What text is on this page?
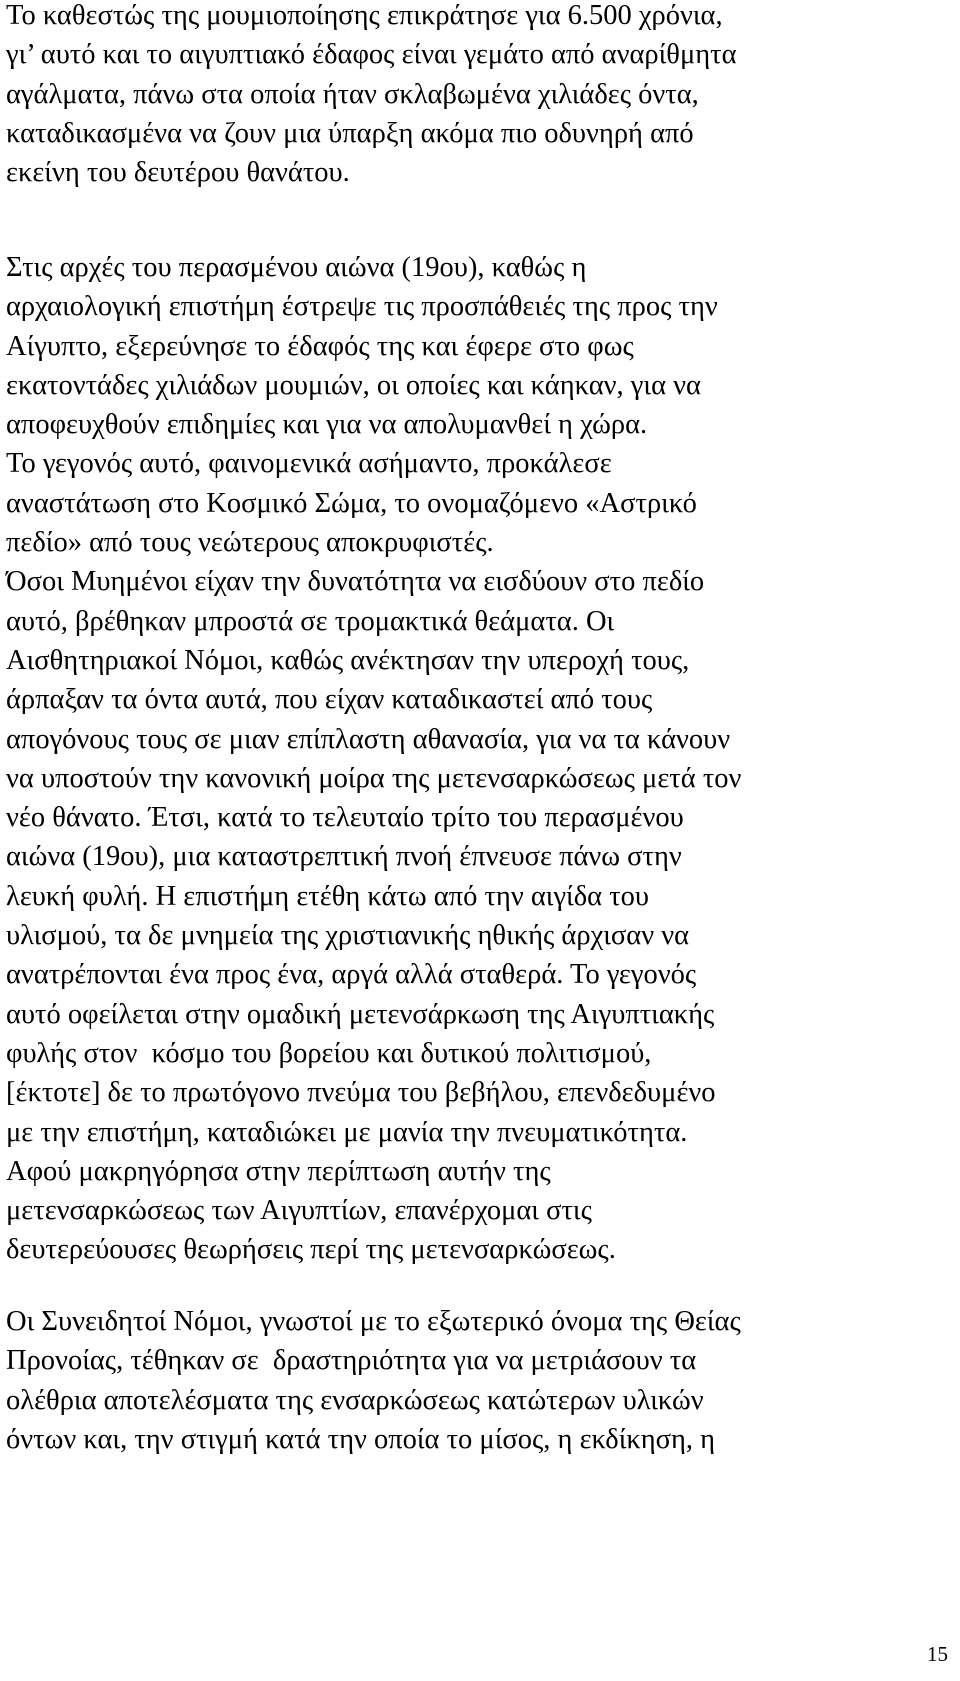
Το καθεστώς της μουμιοποίησης επικράτησε για 6.500 χρόνια,
γι’ αυτό και το αιγυπτιακό έδαφος είναι γεμάτο από αναρίθμητα
αγάλματα, πάνω στα οποία ήταν σκλαβωμένα χιλιάδες όντα,
καταδικασμένα να ζουν μια ύπαρξη ακόμα πιο οδυνηρή από
εκείνη του δευτέρου θανάτου.
Στις αρχές του περασμένου αιώνα (19ου), καθώς η
αρχαιολογική επιστήμη έστρεψε τις προσπάθειές της προς την
Αίγυπτο, εξερεύνησε το έδαφός της και έφερε στο φως
εκατοντάδες χιλιάδων μουμιών, οι οποίες και κάηκαν, για να
αποφευχθούν επιδημίες και για να απολυμανθεί η χώρα.
Το γεγονός αυτό, φαινομενικά ασήμαντο, προκάλεσε
αναστάτωση στο Κοσμικό Σώμα, το ονομαζόμενο «Αστρικό
πεδίο» από τους νεώτερους αποκρυφιστές.
Όσοι Μυημένοι είχαν την δυνατότητα να εισδύουν στο πεδίο
αυτό, βρέθηκαν μπροστά σε τρομακτικά θεάματα. Οι
Αισθητηριακοί Νόμοι, καθώς ανέκτησαν την υπεροχή τους,
άρπαξαν τα όντα αυτά, που είχαν καταδικαστεί από τους
απογόνους τους σε μιαν επίπλαστη αθανασία, για να τα κάνουν
να υποστούν την κανονική μοίρα της μετενσαρκώσεως μετά τον
νέο θάνατο. Έτσι, κατά το τελευταίο τρίτο του περασμένου
αιώνα (19ου), μια καταστρεπτική πνοή έπνευσε πάνω στην
λευκή φυλή. Η επιστήμη ετέθη κάτω από την αιγίδα του
υλισμού, τα δε μνημεία της χριστιανικής ηθικής άρχισαν να
ανατρέπονται ένα προς ένα, αργά αλλά σταθερά. Το γεγονός
αυτό οφείλεται στην ομαδική μετενσάρκωση της Αιγυπτιακής
φυλής στον  κόσμο του βορείου και δυτικού πολιτισμού,
[έκτοτε] δε το πρωτόγονο πνεύμα του βεβήλου, επενδεδυμένο
με την επιστήμη, καταδιώκει με μανία την πνευματικότητα.
Αφού μακρηγόρησα στην περίπτωση αυτήν της
μετενσαρκώσεως των Αιγυπτίων, επανέρχομαι στις
δευτερεύουσες θεωρήσεις περί της μετενσαρκώσεως.
Οι Συνειδητοί Νόμοι, γνωστοί με το εξωτερικό όνομα της Θείας
Προνοίας, τέθηκαν σε  δραστηριότητα για να μετριάσουν τα
ολέθρια αποτελέσματα της ενσαρκώσεως κατώτερων υλικών
όντων και, την στιγμή κατά την οποία το μίσος, η εκδίκηση, η
15
